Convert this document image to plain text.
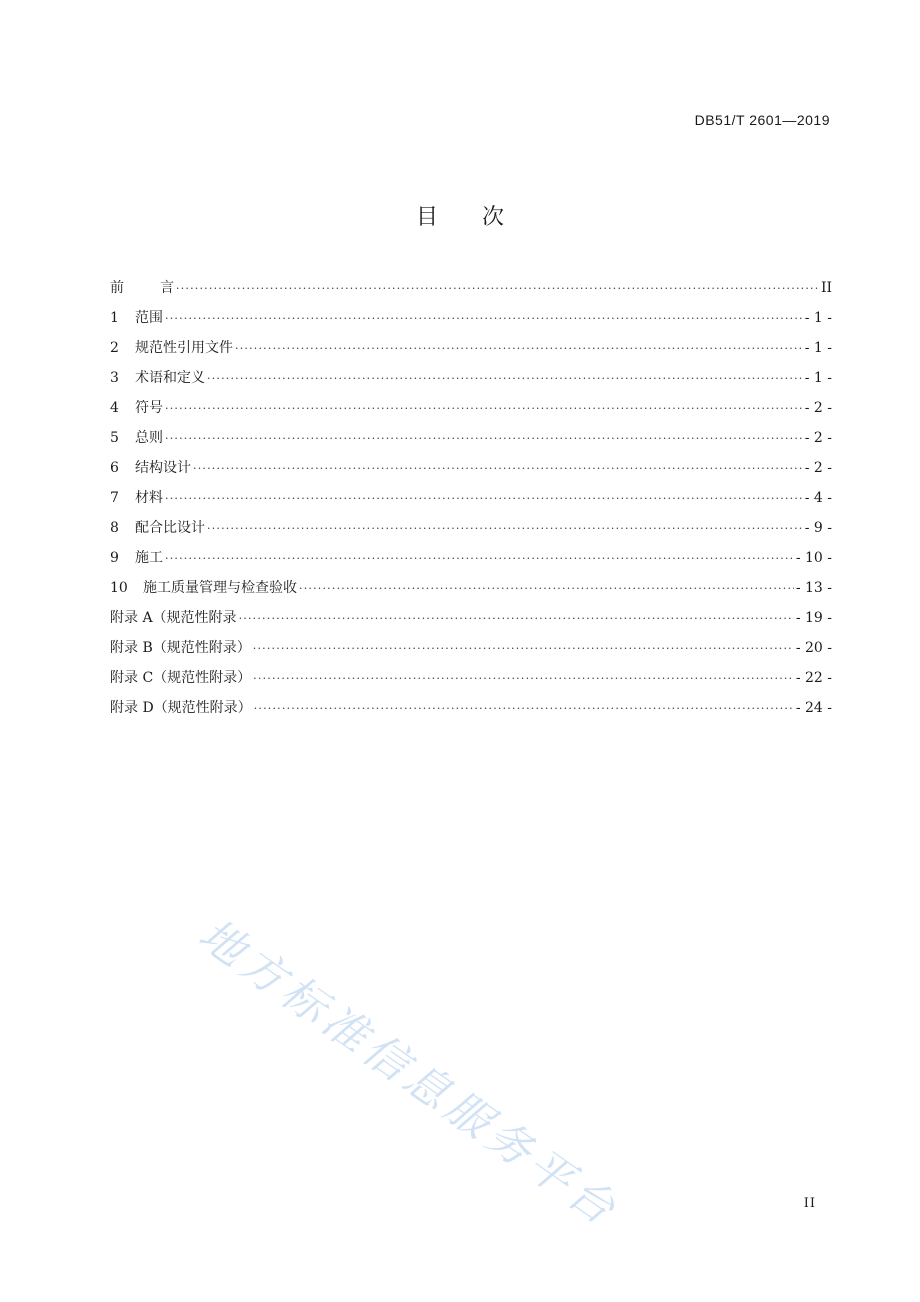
DB51/T 2601—2019
目 次
前	言 ·····	II
1 范围 ·····	- 1 -
2 规范性引用文件 ·····	- 1 -
3 术语和定义 ·····	- 1 -
4 符号 ·····	- 2 -
5 总则 ·····	- 2 -
6 结构设计 ·····	- 2 -
7 材料 ·····	- 4 -
8 配合比设计 ·····	- 9 -
9 施工 ·····	- 10 -
10 施工质量管理与检查验收 ·····	- 13 -
附录 A（规范性附录 ·····	- 19 -
附录 B（规范性附录） ·····	- 20 -
附录 C（规范性附录） ·····	- 22 -
附录 D（规范性附录） ·····	- 24 -
地方标准信息服务平台	II
